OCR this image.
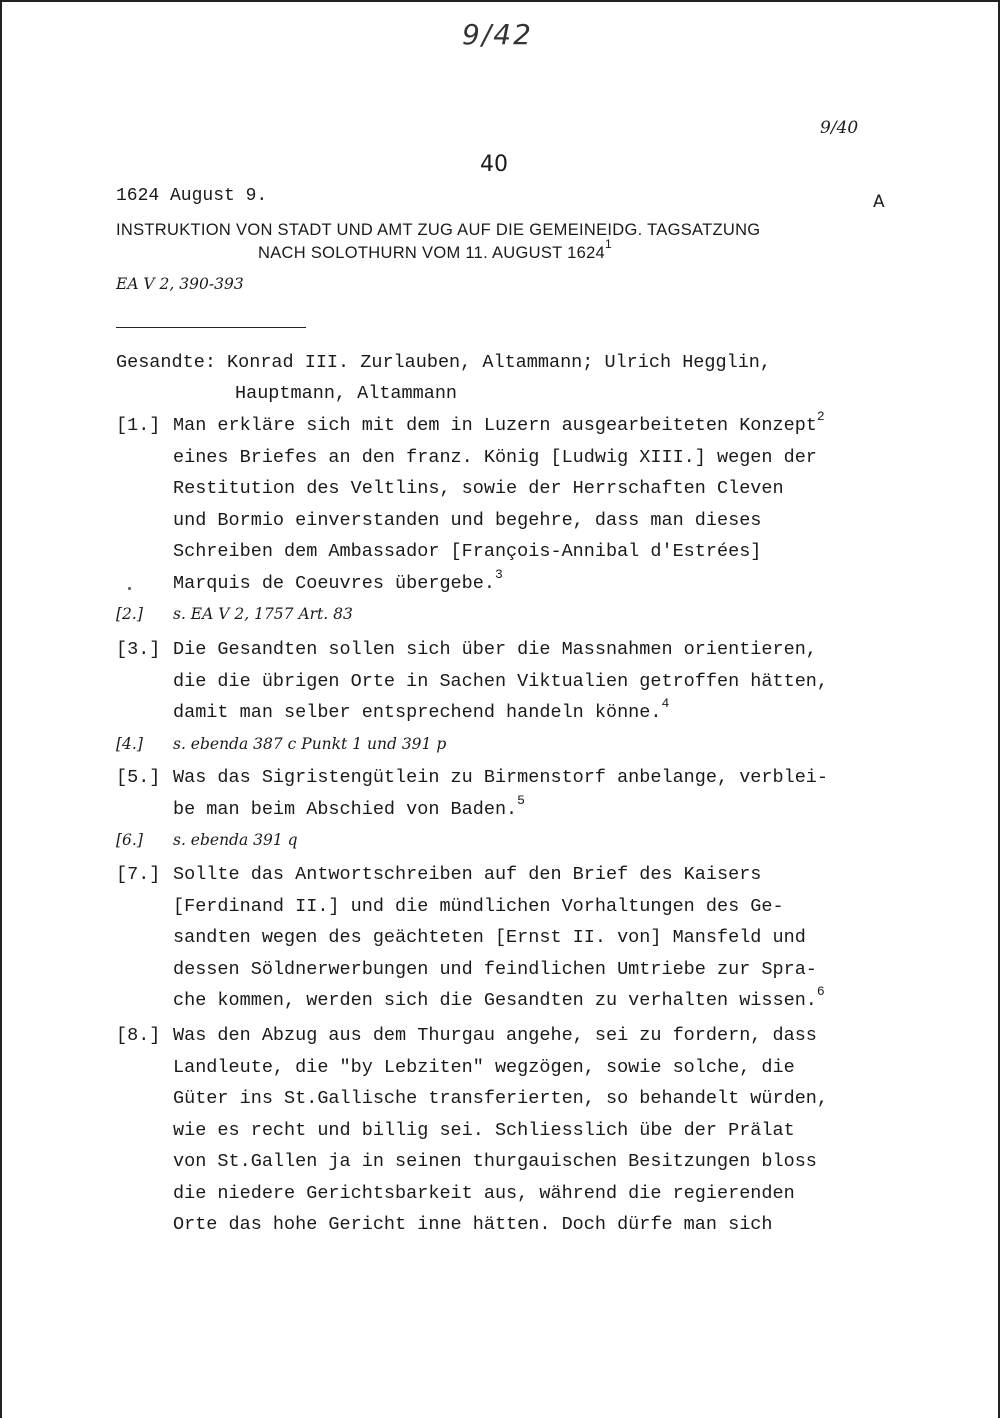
9/42
9/40
40
1624 August 9.	A
INSTRUKTION VON STADT UND AMT ZUG AUF DIE GEMEINEIDG. TAGSATZUNG
NACH SOLOTHURN VOM 11. AUGUST 1624$^1$
EA V 2, 390-393
Gesandte: Konrad III. Zurlauben, Altammann; Ulrich Hegglin,
Hauptmann, Altammann
[1.] Man erkläre sich mit dem in Luzern ausgearbeiteten Konzept$^2$
eines Briefes an den franz. König [Ludwig XIII.] wegen der
Restitution des Veltlins, sowie der Herrschaften Cleven
und Bormio einverstanden und begehre, dass man dieses
Schreiben dem Ambassador [François-Annibal d'Estrées]
Marquis de Coeuvres übergebe.$^3$
[2.] s. EA V 2, 1757 Art. 83
[3.] Die Gesandten sollen sich über die Massnahmen orientieren,
die die übrigen Orte in Sachen Viktualien getroffen hätten,
damit man selber entsprechend handeln könne.$^4$
[4.] s. ebenda 387 c Punkt 1 und 391 p
[5.] Was das Sigristengütlein zu Birmenstorf anbelange, verblei-
be man beim Abschied von Baden.$^5$
[6.] s. ebenda 391 q
[7.] Sollte das Antwortschreiben auf den Brief des Kaisers
[Ferdinand II.] und die mündlichen Vorhaltungen des Ge-
sandten wegen des geächteten [Ernst II. von] Mansfeld und
dessen Söldnerwerbungen und feindlichen Umtriebe zur Spra-
che kommen, werden sich die Gesandten zu verhalten wissen.$^6$
[8.] Was den Abzug aus dem Thurgau angehe, sei zu fordern, dass
Landleute, die "by Lebziten" wegzögen, sowie solche, die
Güter ins St.Gallische transferierten, so behandelt würden,
wie es recht und billig sei. Schliesslich übe der Prälat
von St.Gallen ja in seinen thurgauischen Besitzungen bloss
die niedere Gerichtsbarkeit aus, während die regierenden
Orte das hohe Gericht inne hätten. Doch dürfe man sich
